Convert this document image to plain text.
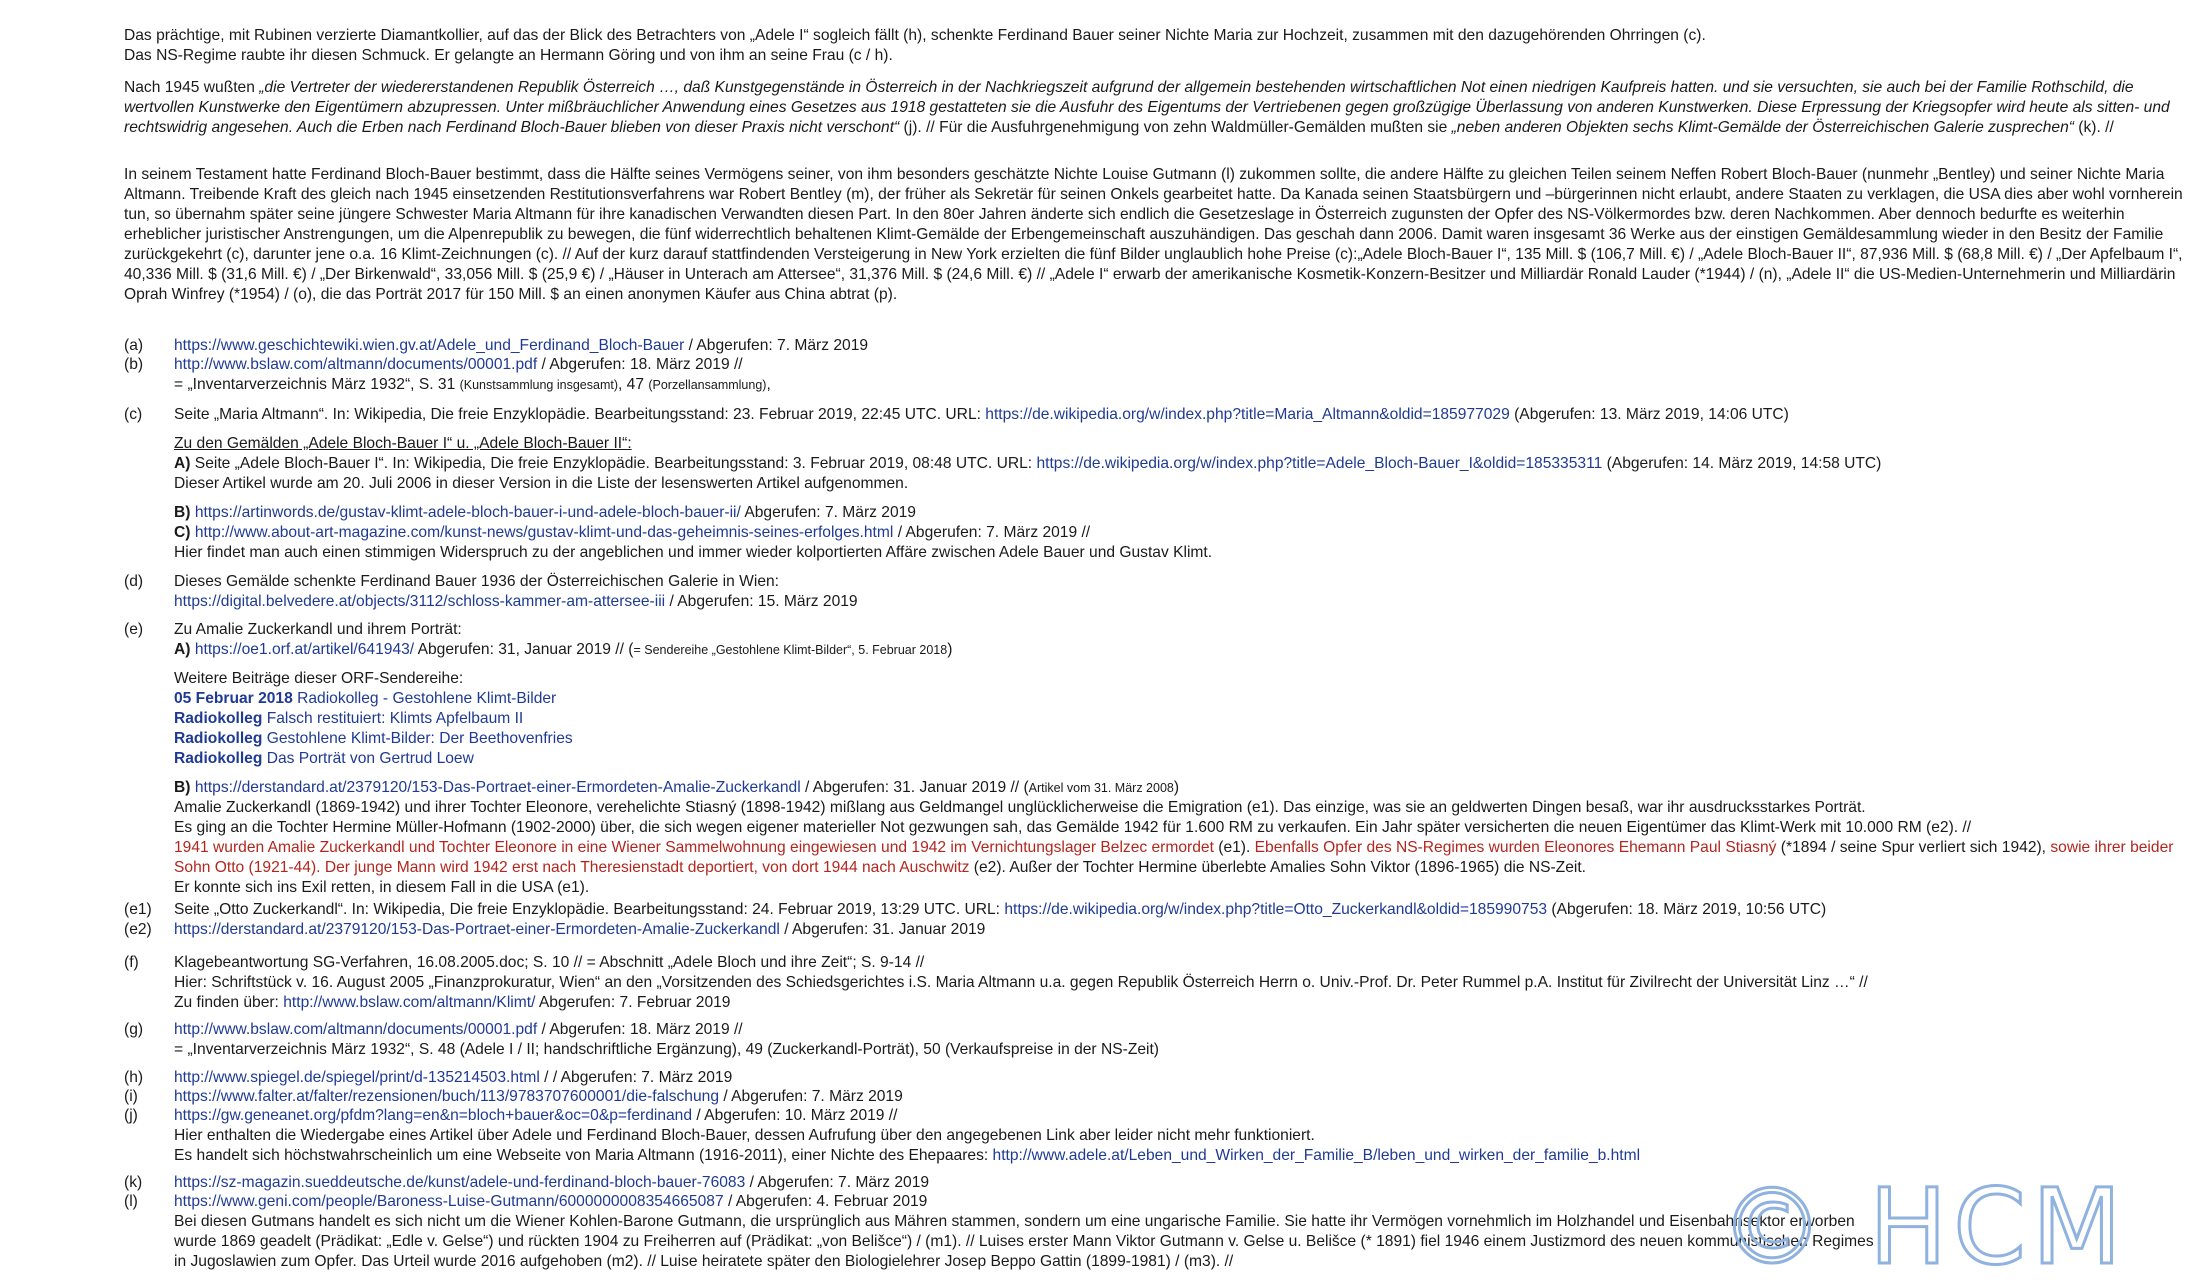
Das prächtige, mit Rubinen verzierte Diamantkollier, auf das der Blick des Betrachters von „Adele I“ sogleich fällt (h), schenkte Ferdinand Bauer seiner Nichte Maria zur Hochzeit, zusammen mit den dazugehörenden Ohrringen (c).

Das NS-Regime raubte ihr diesen Schmuck. Er gelangte an Hermann Göring und von ihm an seine Frau (c / h).

Nach 1945 wußten „die Vertreter der wiedererstandenen Republik Österreich …, daß Kunstgegenstände in Österreich in der Nachkriegszeit aufgrund der allgemein bestehenden wirtschaftlichen Not einen niedrigen Kaufpreis hatten. und sie versuchten, sie auch bei der Familie Rothschild, die wertvollen Kunstwerke den Eigentümern abzupressen. Unter mißbräuchlicher Anwendung eines Gesetzes aus 1918 gestatteten sie die Ausfuhr des Eigentums der Vertriebenen gegen großzügige Überlassung von anderen Kunstwerken. Diese Erpressung der Kriegsopfer wird heute als sitten- und rechtswidrig angesehen. Auch die Erben nach Ferdinand Bloch-Bauer blieben von dieser Praxis nicht verschont“ (j). // Für die Ausfuhrgenehmigung von zehn Waldmüller-Gemälden mußten sie „neben anderen Objekten sechs Klimt-Gemälde der Österreichischen Galerie zusprechen“ (k). //

In seinem Testament hatte Ferdinand Bloch-Bauer bestimmt, dass die Hälfte seines Vermögens seiner, von ihm besonders geschätzte Nichte Louise Gutmann (l) zukommen sollte, die andere Hälfte zu gleichen Teilen seinem Neffen Robert Bloch-Bauer (nunmehr „Bentley) und seiner Nichte Maria Altmann. Treibende Kraft des gleich nach 1945 einsetzenden Restitutionsverfahrens war Robert Bentley (m), der früher als Sekretär für seinen Onkels gearbeitet hatte. Da Kanada seinen Staatsbürgern und –bürgerinnen nicht erlaubt, andere Staaten zu verklagen, die USA dies aber wohl vornherein tun, so übernahm später seine jüngere Schwester Maria Altmann für ihre kanadischen Verwandten diesen Part. In den 80er Jahren änderte sich endlich die Gesetzeslage in Österreich zugunsten der Opfer des NS-Völkermordes bzw. deren Nachkommen. Aber dennoch bedurfte es weiterhin erheblicher juristischer Anstrengungen, um die Alpenrepublik zu bewegen, die fünf widerrechtlich behaltenen Klimt-Gemälde der Erbengemeinschaft auszuhändigen. Das geschah dann 2006. Damit waren insgesamt 36 Werke aus der einstigen Gemäldesammlung wieder in den Besitz der Familie zurückgekehrt (c), darunter jene o.a. 16 Klimt-Zeichnungen (c). // Auf der kurz darauf stattfindenden Versteigerung in New York erzielten die fünf Bilder unglaublich hohe Preise (c):„Adele Bloch-Bauer I“, 135 Mill. $ (106,7 Mill. €) / „Adele Bloch-Bauer II“, 87,936 Mill. $ (68,8 Mill. €) / „Der Apfelbaum I“, 40,336 Mill. $ (31,6 Mill. €) / „Der Birkenwald“, 33,056 Mill. $ (25,9 €) / „Häuser in Unterach am Attersee“, 31,376 Mill. $ (24,6 Mill. €) // „Adele I“ erwarb der amerikanische Kosmetik-Konzern-Besitzer und Milliardär Ronald Lauder (*1944) / (n), „Adele II“ die US-Medien-Unternehmerin und Milliardärin Oprah Winfrey (*1954) / (o), die das Porträt 2017 für 150 Mill. $ an einen anonymen Käufer aus China abtrat (p).

(a) https://www.geschichtewiki.wien.gv.at/Adele_und_Ferdinand_Bloch-Bauer / Abgerufen: 7. März 2019

(b) http://www.bslaw.com/altmann/documents/00001.pdf / Abgerufen: 18. März 2019 //

= „Inventarverzeichnis März 1932“, S. 31 (Kunstsammlung insgesamt), 47 (Porzellansammlung),

(c) Seite „Maria Altmann“. In: Wikipedia, Die freie Enzyklopädie. Bearbeitungsstand: 23. Februar 2019, 22:45 UTC. URL: https://de.wikipedia.org/w/index.php?title=Maria_Altmann&oldid=185977029 (Abgerufen: 13. März 2019, 14:06 UTC)

Zu den Gemälden „Adele Bloch-Bauer I“ u. „Adele Bloch-Bauer II“:

A) Seite „Adele Bloch-Bauer I“. In: Wikipedia, Die freie Enzyklopädie. Bearbeitungsstand: 3. Februar 2019, 08:48 UTC. URL: https://de.wikipedia.org/w/index.php?title=Adele_Bloch-Bauer_I&oldid=185335311 (Abgerufen: 14. März 2019, 14:58 UTC)

Dieser Artikel wurde am 20. Juli 2006 in dieser Version in die Liste der lesenswerten Artikel aufgenommen.

B) https://artinwords.de/gustav-klimt-adele-bloch-bauer-i-und-adele-bloch-bauer-ii/ Abgerufen: 7. März 2019

C) http://www.about-art-magazine.com/kunst-news/gustav-klimt-und-das-geheimnis-seines-erfolges.html / Abgerufen: 7. März 2019 //

Hier findet man auch einen stimmigen Widerspruch zu der angeblichen und immer wieder kolportierten Affäre zwischen Adele Bauer und Gustav Klimt.

(d) Dieses Gemälde schenkte Ferdinand Bauer 1936 der Österreichischen Galerie in Wien:

https://digital.belvedere.at/objects/3112/schloss-kammer-am-attersee-iii / Abgerufen: 15. März 2019

(e) Zu Amalie Zuckerkandl und ihrem Porträt:

A) https://oe1.orf.at/artikel/641943/ Abgerufen: 31, Januar 2019 // (= Sendereihe „Gestohlene Klimt-Bilder“, 5. Februar 2018)

Weitere Beiträge dieser ORF-Sendereihe:

05 Februar 2018 Radiokolleg - Gestohlene Klimt-Bilder

Radiokolleg Falsch restituiert: Klimts Apfelbaum II

Radiokolleg Gestohlene Klimt-Bilder: Der Beethovenfries

Radiokolleg Das Porträt von Gertrud Loew

B) https://derstandard.at/2379120/153-Das-Portraet-einer-Ermordeten-Amalie-Zuckerkandl / Abgerufen: 31. Januar 2019 // (Artikel vom 31. März 2008)

Amalie Zuckerkandl (1869-1942) und ihrer Tochter Eleonore, verehelichte Stiasný (1898-1942) mißlang aus Geldmangel unglücklicherweise die Emigration (e1). Das einzige, was sie an geldwerten Dingen besaß, war ihr ausdrucksstarkes Porträt.

Es ging an die Tochter Hermine Müller-Hofmann (1902-2000) über, die sich wegen eigener materieller Not gezwungen sah, das Gemälde 1942 für 1.600 RM zu verkaufen. Ein Jahr später versicherten die neuen Eigentümer das Klimt-Werk mit 10.000 RM (e2). //

1941 wurden Amalie Zuckerkandl und Tochter Eleonore in eine Wiener Sammelwohnung eingewiesen und 1942 im Vernichtungslager Belzec ermordet (e1). Ebenfalls Opfer des NS-Regimes wurden Eleonores Ehemann Paul Stiasný (*1894 / seine Spur verliert sich 1942), sowie ihrer beider Sohn Otto (1921-44). Der junge Mann wird 1942 erst nach Theresienstadt deportiert, von dort 1944 nach Auschwitz (e2). Außer der Tochter Hermine überlebte Amalies Sohn Viktor (1896-1965) die NS-Zeit.

Er konnte sich ins Exil retten, in diesem Fall in die USA (e1).

(e1) Seite „Otto Zuckerkandl“. In: Wikipedia, Die freie Enzyklopädie. Bearbeitungsstand: 24. Februar 2019, 13:29 UTC. URL: https://de.wikipedia.org/w/index.php?title=Otto_Zuckerkandl&oldid=185990753 (Abgerufen: 18. März 2019, 10:56 UTC)

(e2) https://derstandard.at/2379120/153-Das-Portraet-einer-Ermordeten-Amalie-Zuckerkandl / Abgerufen: 31. Januar 2019

(f) Klagebeantwortung SG-Verfahren, 16.08.2005.doc; S. 10 // = Abschnitt „Adele Bloch und ihre Zeit“; S. 9-14 //

Hier: Schriftstück v. 16. August 2005 „Finanzprokuratur, Wien“ an den „Vorsitzenden des Schiedsgerichtes i.S. Maria Altmann u.a. gegen Republik Österreich Herrn o. Univ.-Prof. Dr. Peter Rummel p.A. Institut für Zivilrecht der Universität Linz …“ //

Zu finden über: http://www.bslaw.com/altmann/Klimt/ Abgerufen: 7. Februar 2019

(g) http://www.bslaw.com/altmann/documents/00001.pdf / Abgerufen: 18. März 2019 //

= „Inventarverzeichnis März 1932“, S. 48 (Adele I / II; handschriftliche Ergänzung), 49 (Zuckerkandl-Porträt), 50 (Verkaufspreise in der NS-Zeit)

(h) http://www.spiegel.de/spiegel/print/d-135214503.html / / Abgerufen: 7. März 2019

(i) https://www.falter.at/falter/rezensionen/buch/113/9783707600001/die-falschung / Abgerufen: 7. März 2019

(j) https://gw.geneanet.org/pfdm?lang=en&n=bloch+bauer&oc=0&p=ferdinand / Abgerufen: 10. März 2019 //

Hier enthalten die Wiedergabe eines Artikel über Adele und Ferdinand Bloch-Bauer, dessen Aufrufung über den angegebenen Link aber leider nicht mehr funktioniert.

Es handelt sich höchstwahrscheinlich um eine Webseite von Maria Altmann (1916-2011), einer Nichte des Ehepaares: http://www.adele.at/Leben_und_Wirken_der_Familie_B/leben_und_wirken_der_familie_b.html

(k) https://sz-magazin.sueddeutsche.de/kunst/adele-und-ferdinand-bloch-bauer-76083 / Abgerufen: 7. März 2019

(l) https://www.geni.com/people/Baroness-Luise-Gutmann/6000000008354665087 / Abgerufen: 4. Februar 2019

Bei diesen Gutmans handelt es sich nicht um die Wiener Kohlen-Barone Gutmann, die ursprünglich aus Mähren stammen, sondern um eine ungarische Familie. Sie hatte ihr Vermögen vornehmlich im Holzhandel und Eisenbahnsektor erworben

wurde 1869 geadelt (Prädikat: „Edle v. Gelse“) und rückten 1904 zu Freiherren auf (Prädikat: „von Belišce“) / (m1). // Luises erster Mann Viktor Gutmann v. Gelse u. Belišce (* 1891) fiel 1946 einem Justizmord des neuen kommunistischen Regimes

in Jugoslawien zum Opfer. Das Urteil wurde 2016 aufgehoben (m2). // Luise heiratete später den Biologielehrer Josep Beppo Gattin (1899-1981) / (m3). //	© HCM
